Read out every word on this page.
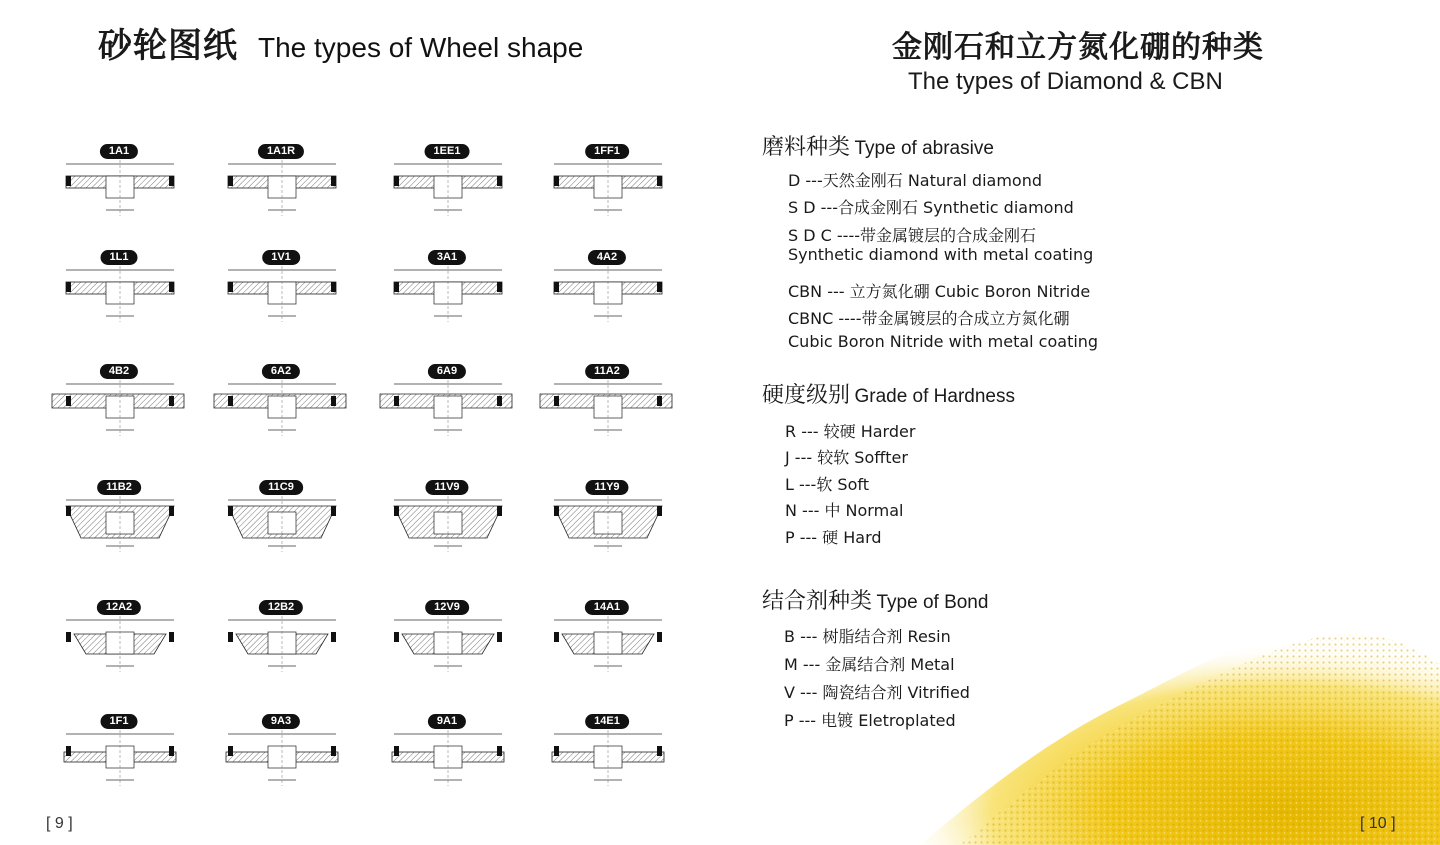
砂轮图纸 The types of Wheel shape
1A1	1A1R	1EE1	1FF1
1L1	1V1	3A1	4A2
4B2	6A2	6A9	11A2
11B2	11C9	11V9	11Y9
12A2	12B2	12V9	14A1
1F1	9A3	9A1	14E1
[ 9 ]
金刚石和立方氮化硼的种类
The types of Diamond & CBN
磨料种类 Type of abrasive
D ---天然金刚石 Natural diamond
S D ---合成金刚石 Synthetic diamond
S D C ----带金属镀层的合成金刚石
Synthetic diamond with metal coating
CBN --- 立方氮化硼 Cubic Boron Nitride
CBNC ----带金属镀层的合成立方氮化硼
Cubic Boron Nitride with metal coating
硬度级别 Grade of Hardness
R --- 较硬 Harder
J --- 较软 Soffter
L ---软 Soft
N --- 中 Normal
P --- 硬 Hard
结合剂种类 Type of Bond
B --- 树脂结合剂 Resin
M --- 金属结合剂 Metal
V --- 陶瓷结合剂 Vitrified
P --- 电镀 Eletroplated
[ 10 ]
